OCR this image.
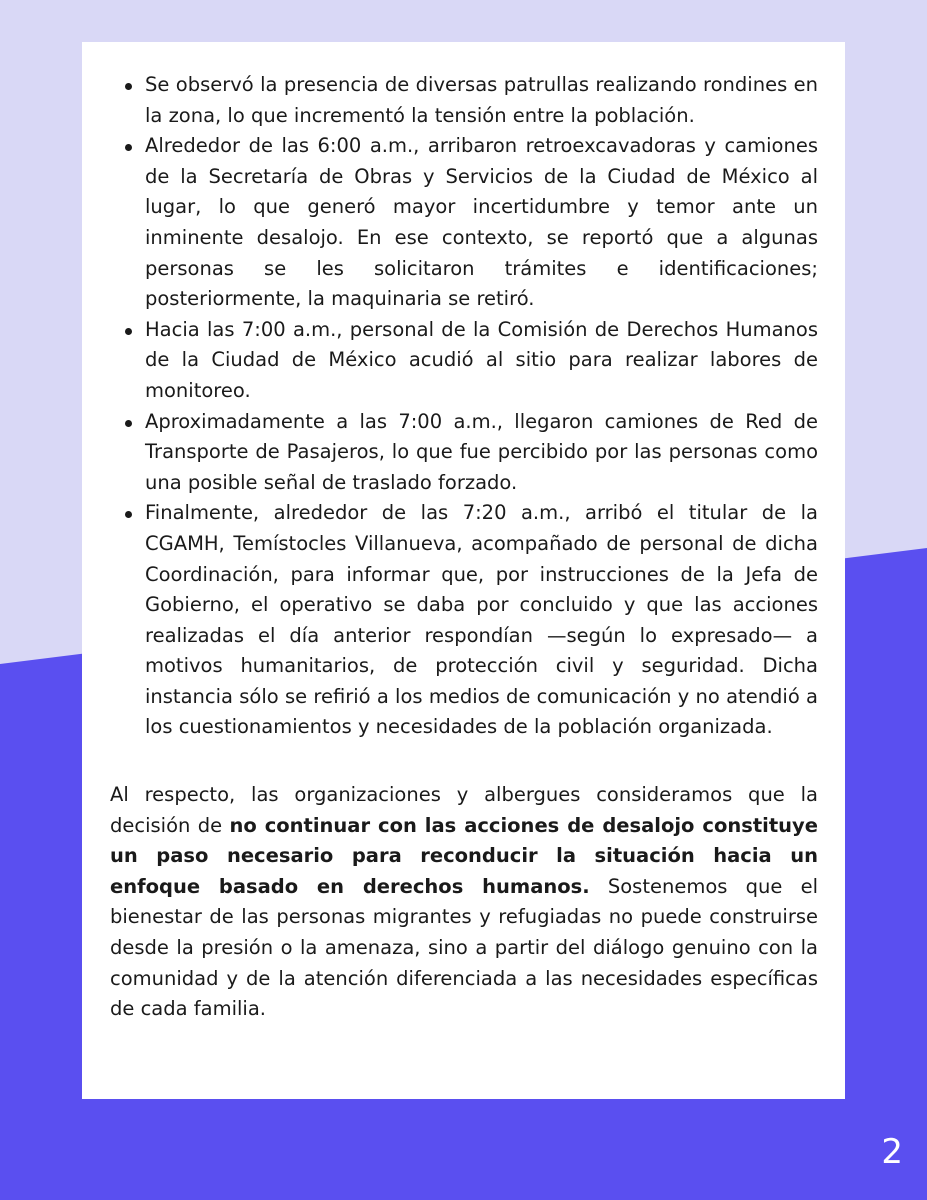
Se observó la presencia de diversas patrullas realizando rondines en la zona, lo que incrementó la tensión entre la población.
Alrededor de las 6:00 a.m., arribaron retroexcavadoras y camiones de la Secretaría de Obras y Servicios de la Ciudad de México al lugar, lo que generó mayor incertidumbre y temor ante un inminente desalojo. En ese contexto, se reportó que a algunas personas se les solicitaron trámites e identificaciones; posteriormente, la maquinaria se retiró.
Hacia las 7:00 a.m., personal de la Comisión de Derechos Humanos de la Ciudad de México acudió al sitio para realizar labores de monitoreo.
Aproximadamente a las 7:00 a.m., llegaron camiones de Red de Transporte de Pasajeros, lo que fue percibido por las personas como una posible señal de traslado forzado.
Finalmente, alrededor de las 7:20 a.m., arribó el titular de la CGAMH, Temístocles Villanueva, acompañado de personal de dicha Coordinación, para informar que, por instrucciones de la Jefa de Gobierno, el operativo se daba por concluido y que las acciones realizadas el día anterior respondían —según lo expresado— a motivos humanitarios, de protección civil y seguridad. Dicha instancia sólo se refirió a los medios de comunicación y no atendió a los cuestionamientos y necesidades de la población organizada.

Al respecto, las organizaciones y albergues consideramos que la decisión de no continuar con las acciones de desalojo constituye un paso necesario para reconducir la situación hacia un enfoque basado en derechos humanos. Sostenemos que el bienestar de las personas migrantes y refugiadas no puede construirse desde la presión o la amenaza, sino a partir del diálogo genuino con la comunidad y de la atención diferenciada a las necesidades específicas de cada familia.

2
